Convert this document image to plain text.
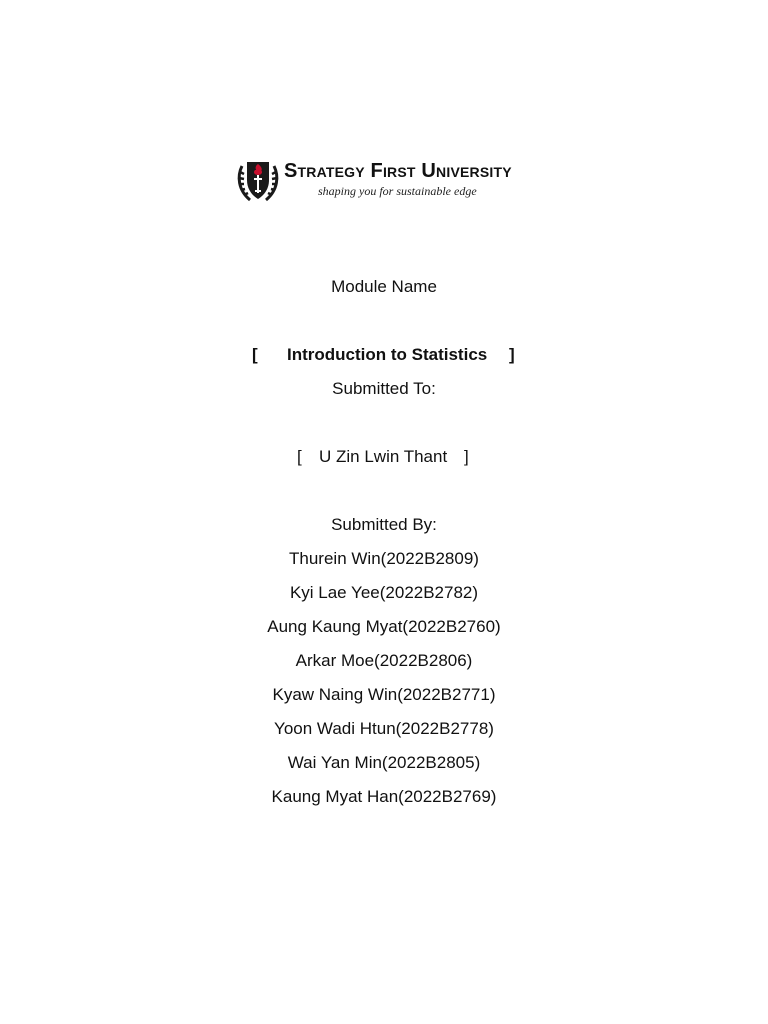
Strategy First University
shaping you for sustainable edge
Module Name
[ Introduction to Statistics ]
Submitted To:
[ U Zin Lwin Thant ]
Submitted By:
Thurein Win(2022B2809)
Kyi Lae Yee(2022B2782)
Aung Kaung Myat(2022B2760)
Arkar Moe(2022B2806)
Kyaw Naing Win(2022B2771)
Yoon Wadi Htun(2022B2778)
Wai Yan Min(2022B2805)
Kaung Myat Han(2022B2769)
